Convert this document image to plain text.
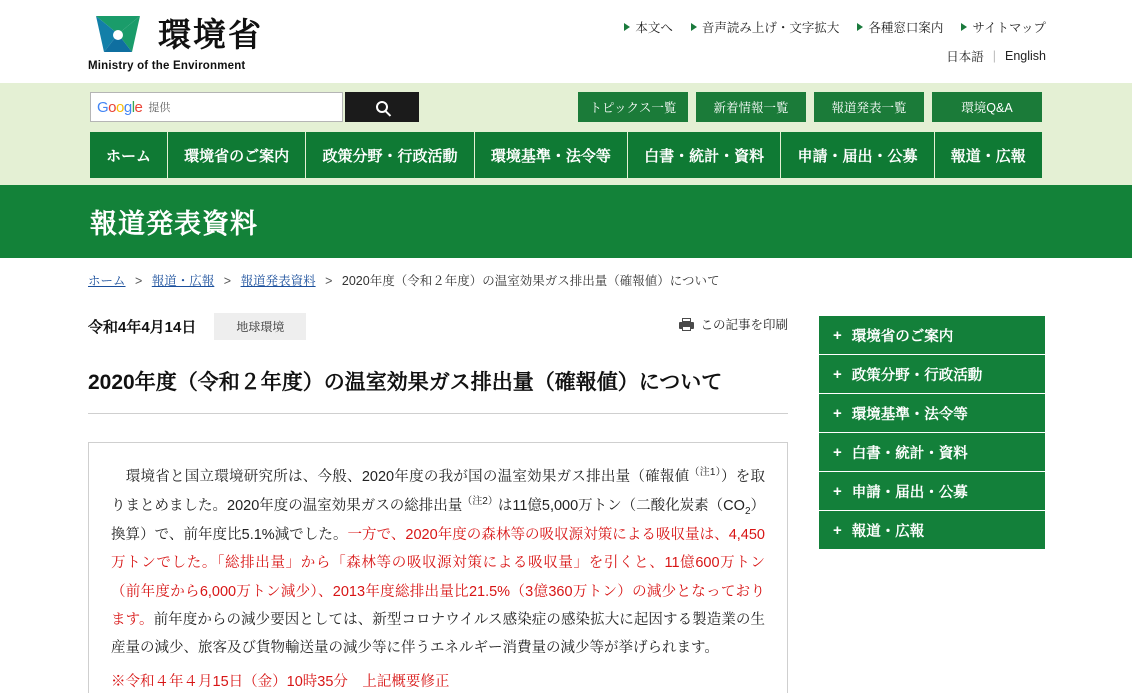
環境省
Ministry of the Environment
本文へ 音声読み上げ・文字拡大 各種窓口案内 サイトマップ
日本語 | English
Google 提供	トピックス一覧	新着情報一覧	報道発表一覧	環境Q&A
ホーム	環境省のご案内	政策分野・行政活動	環境基準・法令等	白書・統計・資料	申請・届出・公募	報道・広報
報道発表資料
ホーム > 報道・広報 > 報道発表資料 > 2020年度（令和２年度）の温室効果ガス排出量（確報値）について
令和4年4月14日	地球環境	この記事を印刷
2020年度（令和２年度）の温室効果ガス排出量（確報値）について

　環境省と国立環境研究所は、今般、2020年度の我が国の温室効果ガス排出量（確報値$^{(注1)}$）を取りまとめました。2020年度の温室効果ガスの総排出量$^{(注2)}$は11億5,000万トン（二酸化炭素$(CO_2)$換算）で、前年度比5.1%減でした。一方で、2020年度の森林等の吸収源対策による吸収量は、4,450万トンでした。「総排出量」から「森林等の吸収源対策による吸収量」を引くと、11億600万トン（前年度から6,000万トン減少）、2013年度総排出量比21.5%（3億360万トン）の減少となっております。前年度からの減少要因としては、新型コロナウイルス感染症の感染拡大に起因する製造業の生産量の減少、旅客及び貨物輸送量の減少等に伴うエネルギー消費量の減少等が挙げられます。
※令和４年４月15日（金）10時35分　上記概要修正

+ 環境省のご案内
+ 政策分野・行政活動
+ 環境基準・法令等
+ 白書・統計・資料
+ 申請・届出・公募
+ 報道・広報
